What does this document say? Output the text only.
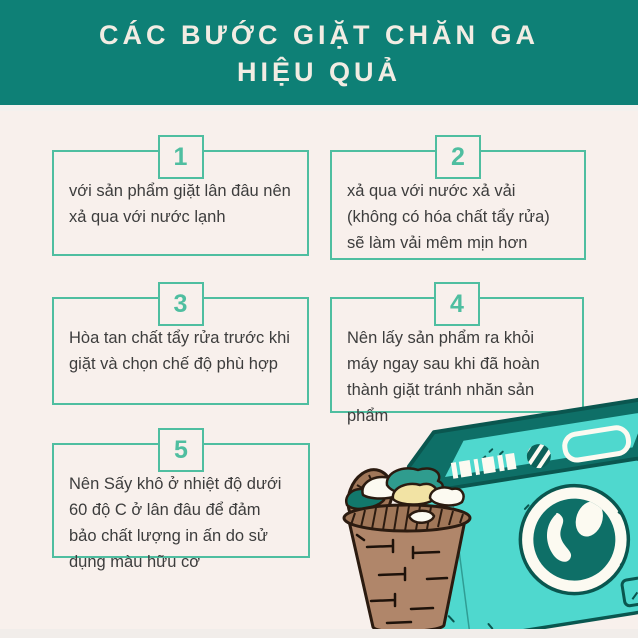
CÁC BƯỚC GIẶT CHĂN GA
HIỆU QUẢ
1
với sản phẩm giặt lân đâu nên xả qua với nước lạnh
2
xả qua với nước xả vải (không có hóa chất tẩy rửa) sẽ làm vải mêm mịn hơn
3
Hòa tan chất tẩy rửa trước khi giặt và chọn chế độ phù hợp
4
Nên lấy sản phẩm ra khỏi máy ngay sau khi đã hoàn thành giặt tránh nhăn sản phẩm
5
Nên Sấy khô ở nhiệt độ dưới 60 độ C ở lân đâu để đảm bảo chất lượng in ấn do sử dụng màu hữu cơ
